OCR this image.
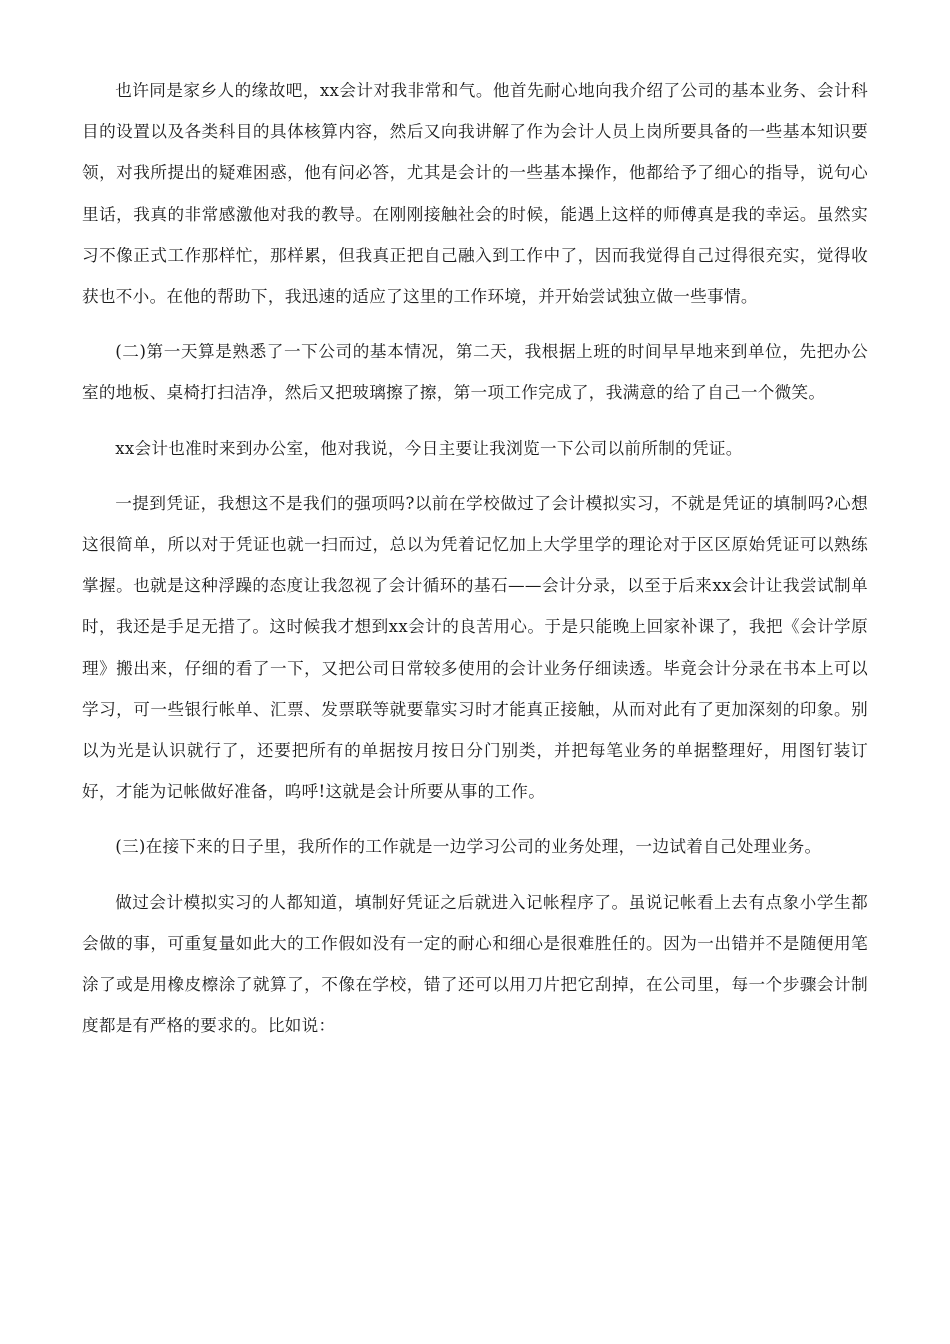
也许同是家乡人的缘故吧，xx会计对我非常和气。他首先耐心地向我介绍了公司的基本业务、会计科目的设置以及各类科目的具体核算内容，然后又向我讲解了作为会计人员上岗所要具备的一些基本知识要领，对我所提出的疑难困惑，他有问必答，尤其是会计的一些基本操作，他都给予了细心的指导，说句心里话，我真的非常感激他对我的教导。在刚刚接触社会的时候，能遇上这样的师傅真是我的幸运。虽然实习不像正式工作那样忙，那样累，但我真正把自己融入到工作中了，因而我觉得自己过得很充实，觉得收获也不小。在他的帮助下，我迅速的适应了这里的工作环境，并开始尝试独立做一些事情。

(二)第一天算是熟悉了一下公司的基本情况，第二天，我根据上班的时间早早地来到单位，先把办公室的地板、桌椅打扫洁净，然后又把玻璃擦了擦，第一项工作完成了，我满意的给了自己一个微笑。

xx会计也准时来到办公室，他对我说，今日主要让我浏览一下公司以前所制的凭证。

一提到凭证，我想这不是我们的强项吗?以前在学校做过了会计模拟实习，不就是凭证的填制吗?心想这很简单，所以对于凭证也就一扫而过，总以为凭着记忆加上大学里学的理论对于区区原始凭证可以熟练掌握。也就是这种浮躁的态度让我忽视了会计循环的基石——会计分录，以至于后来xx会计让我尝试制单时，我还是手足无措了。这时候我才想到xx会计的良苦用心。于是只能晚上回家补课了，我把《会计学原理》搬出来，仔细的看了一下，又把公司日常较多使用的会计业务仔细读透。毕竟会计分录在书本上可以学习，可一些银行帐单、汇票、发票联等就要靠实习时才能真正接触，从而对此有了更加深刻的印象。别以为光是认识就行了，还要把所有的单据按月按日分门别类，并把每笔业务的单据整理好，用图钉装订好，才能为记帐做好准备，呜呼!这就是会计所要从事的工作。

(三)在接下来的日子里，我所作的工作就是一边学习公司的业务处理，一边试着自己处理业务。

做过会计模拟实习的人都知道，填制好凭证之后就进入记帐程序了。虽说记帐看上去有点象小学生都会做的事，可重复量如此大的工作假如没有一定的耐心和细心是很难胜任的。因为一出错并不是随便用笔涂了或是用橡皮檫涂了就算了，不像在学校，错了还可以用刀片把它刮掉，在公司里，每一个步骤会计制度都是有严格的要求的。比如说：
